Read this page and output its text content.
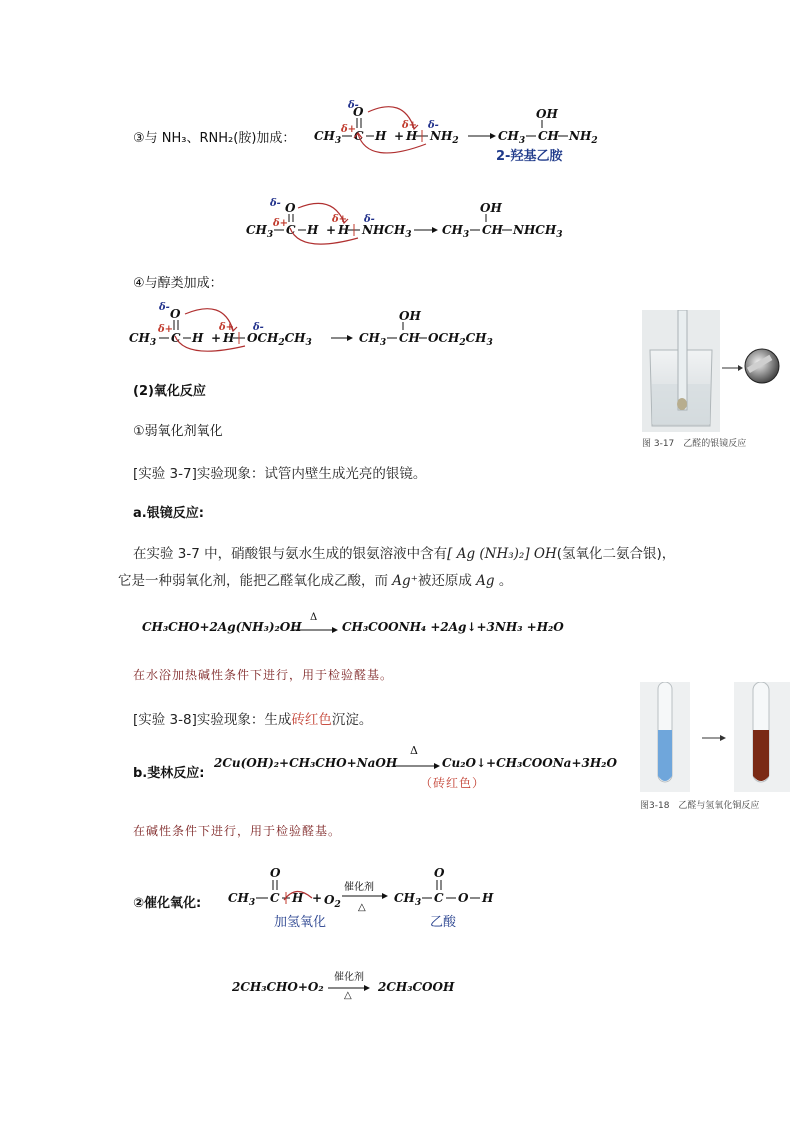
③与 NH₃、RNH₂(胺)加成： $CH_3$ C
O
δ-
δ+ H + H
δ+
$NH_2$
δ-
$CH_3$ CH
OH
$NH_2$
2-羟基乙胺
$CH_3$ C
O
δ-
δ+ H + H
δ+
$NHCH_3$
δ-
$CH_3$ CH
OH
$NHCH_3$
④与醇类加成：
$CH_3$ C
O
δ-
δ+
H + H
δ+
$OCH_2CH_3$
δ-
$CH_3$ CH
OH
$OCH_2CH_3$
图 3-17　乙醛的银镜反应
(2)氧化反应
①弱氧化剂氧化
[实验 3-7]实验现象：试管内壁生成光亮的银镜。
a.银镜反应:
在实验 3-7 中，硝酸银与氨水生成的银氨溶液中含有[ Ag (NH₃)₂] OH(氢氧化二氨合银)，
它是一种弱氧化剂，能把乙醛氧化成乙酸，而 Ag⁺被还原成 Ag 。
CH₃CHO+2Ag(NH₃)₂OH
Δ
CH₃COONH₄ +2Ag↓+3NH₃ +H₂O
在水浴加热碱性条件下进行，用于检验醛基。
[实验 3-8]实验现象：生成砖红色沉淀。
b.斐林反应:
2Cu(OH)₂+CH₃CHO+NaOH
Δ
Cu₂O↓+CH₃COONa+3H₂O
（砖红色）
图3-18　乙醛与氢氧化铜反应
在碱性条件下进行，用于检验醛基。
②催化氧化: $CH_3$ C
O
$H + O_2$
催化剂
△
$CH_3$ C
O
O H
加氢氧化	乙酸
2CH₃CHO+O₂
催化剂
△
2CH₃COOH
